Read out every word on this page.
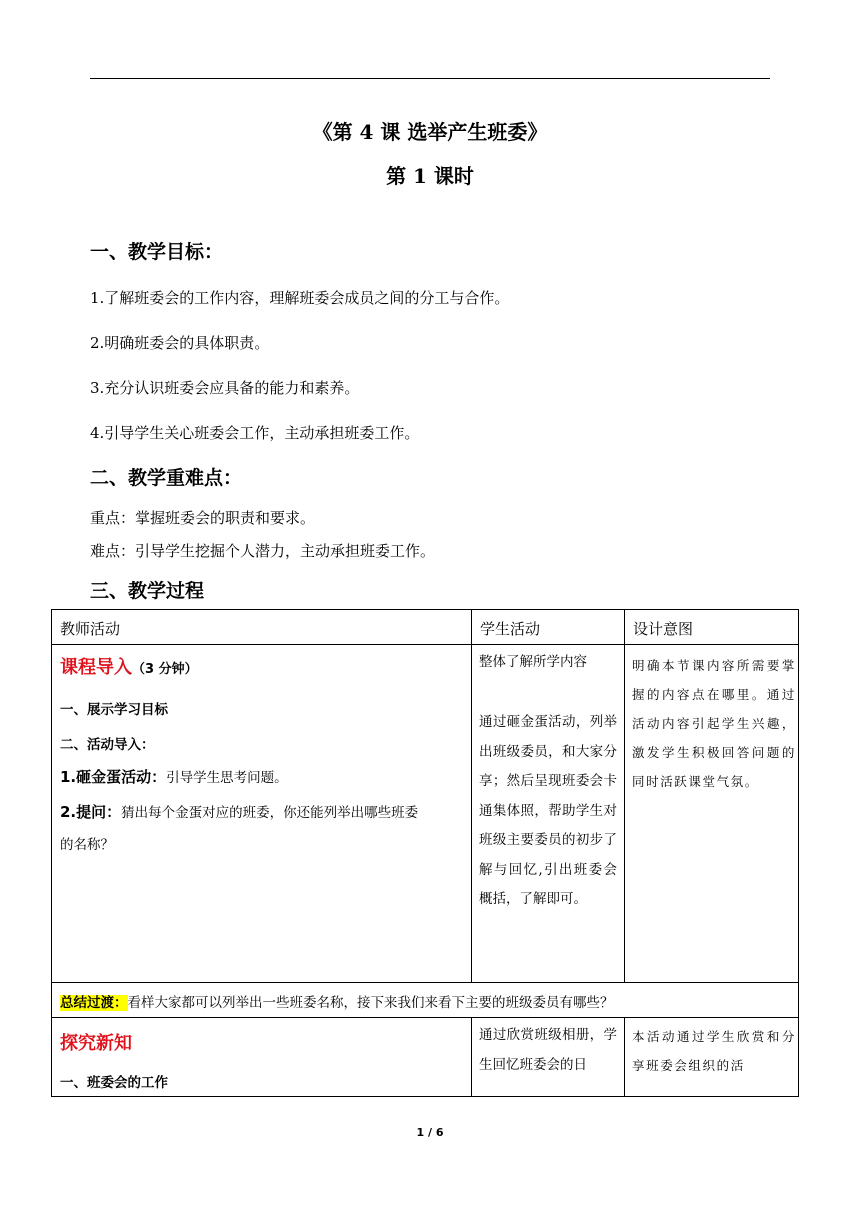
《第 4 课 选举产生班委》
第 1 课时
一、教学目标：
1.了解班委会的工作内容，理解班委会成员之间的分工与合作。
2.明确班委会的具体职责。
3.充分认识班委会应具备的能力和素养。
4.引导学生关心班委会工作，主动承担班委工作。
二、教学重难点：
重点：掌握班委会的职责和要求。
难点：引导学生挖掘个人潜力，主动承担班委工作。
三、教学过程
教师活动	学生活动	设计意图
课程导入（3 分钟）
一、展示学习目标
二、活动导入：
1.砸金蛋活动：引导学生思考问题。
2.提问：猜出每个金蛋对应的班委，你还能列举出哪些班委
的名称？
整体了解所学内容
通过砸金蛋活动，列举出班级委员，和大家分享；然后呈现班委会卡通集体照，帮助学生对班级主要委员的初步了解与回忆,引出班委会概括，了解即可。
明确本节课内容所需要掌握的内容点在哪里。通过活动内容引起学生兴趣，激发学生积极回答问题的同时活跃课堂气氛。
总结过渡：看样大家都可以列举出一些班委名称，接下来我们来看下主要的班级委员有哪些？
探究新知
一、班委会的工作
通过欣赏班级相册，学生回忆班委会的日
本活动通过学生欣赏和分享班委会组织的活
1 / 6
